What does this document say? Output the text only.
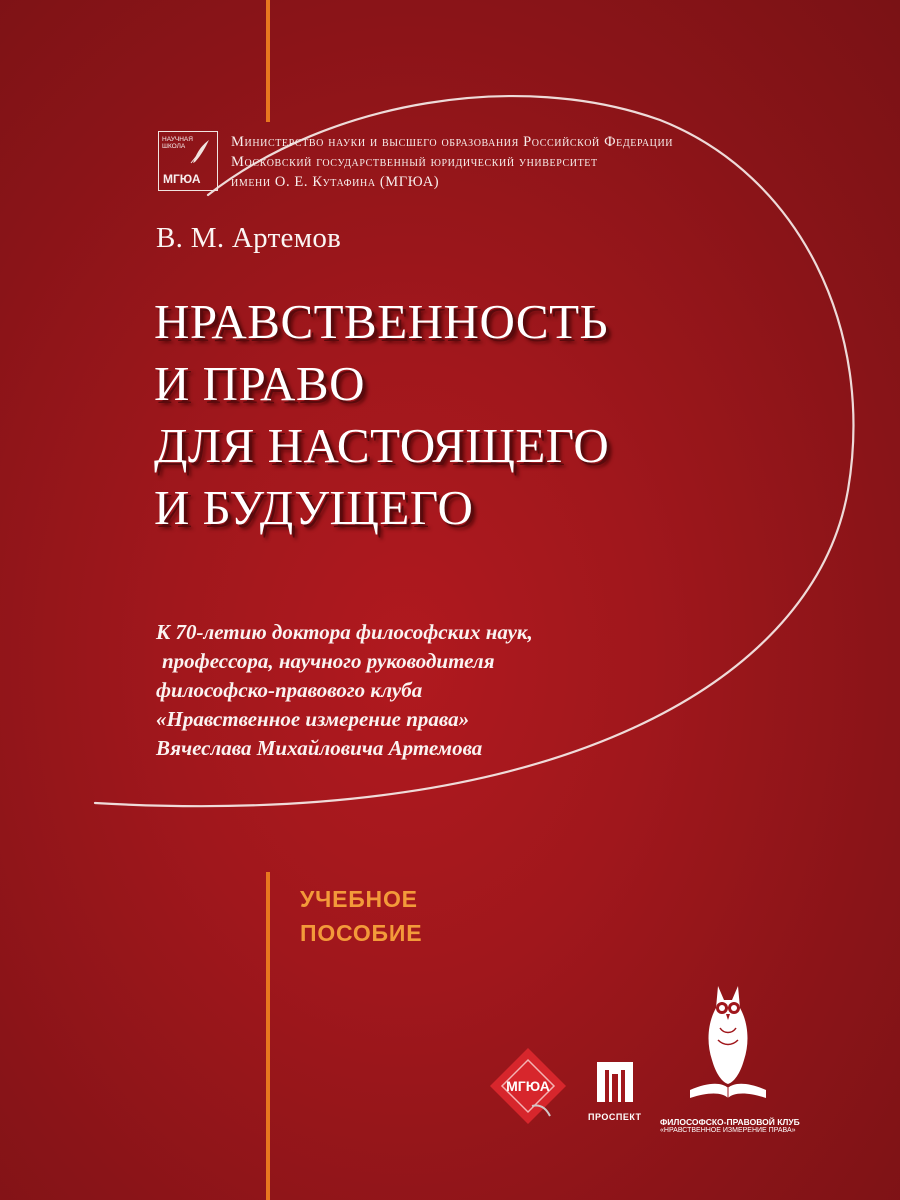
НАУЧНАЯ
ШКОЛА
МГЮА
Министерство науки и высшего образования Российской Федерации
Московский государственный юридический университет
имени О. Е. Кутафина (МГЮА)
В. М. Артемов
НРАВСТВЕННОСТЬ
И ПРАВО
ДЛЯ НАСТОЯЩЕГО
И БУДУЩЕГО
К 70-летию доктора философских наук,
профессора, научного руководителя
философско-правового клуба
«Нравственное измерение права»
Вячеслава Михайловича Артемова
УЧЕБНОЕ
ПОСОБИЕ
МГЮА
ПРОСПЕКТ ФИЛОСОФСКО-ПРАВОВОЙ КЛУБ
«НРАВСТВЕННОЕ ИЗМЕРЕНИЕ ПРАВА»
